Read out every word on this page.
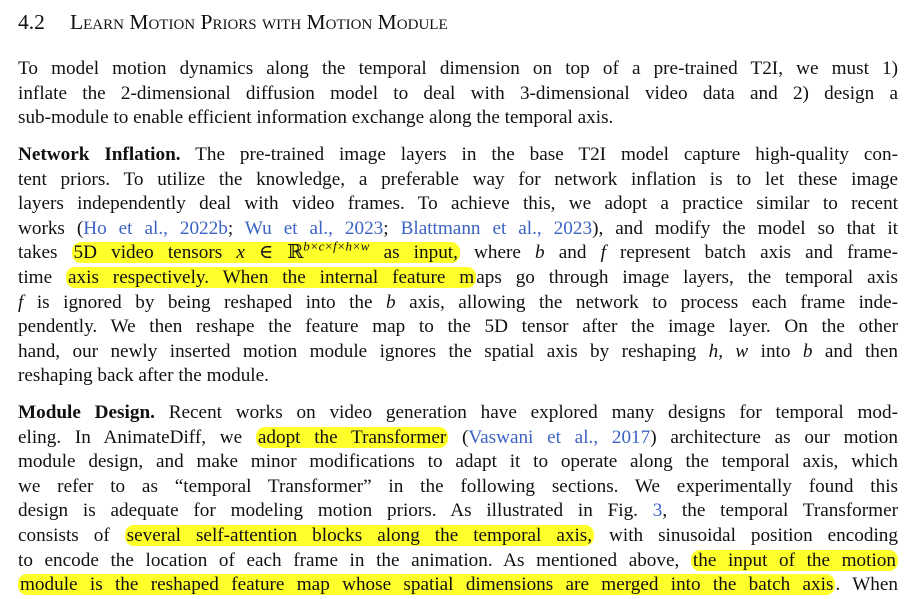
4.2 Learn Motion Priors with Motion Module
To model motion dynamics along the temporal dimension on top of a pre-trained T2I, we must 1)
inflate the 2-dimensional diffusion model to deal with 3-dimensional video data and 2) design a
sub-module to enable efficient information exchange along the temporal axis.
Network Inflation. The pre-trained image layers in the base T2I model capture high-quality con-
tent priors. To utilize the knowledge, a preferable way for network inflation is to let these image
layers independently deal with video frames. To achieve this, we adopt a practice similar to recent
works (Ho et al., 2022b; Wu et al., 2023; Blattmann et al., 2023), and modify the model so that it
takes 5D video tensors x ∈ ℝ$^{b\times c\times f\times h\times w}$ as input, where b and f represent batch axis and frame-
time axis respectively. When the internal feature m aps go through image layers, the temporal axis
f is ignored by being reshaped into the b axis, allowing the network to process each frame inde-
pendently. We then reshape the feature map to the 5D tensor after the image layer. On the other
hand, our newly inserted motion module ignores the spatial axis by reshaping h, w into b and then
reshaping back after the module.
Module Design. Recent works on video generation have explored many designs for temporal mod-
eling. In AnimateDiff, we adopt the Transformer (Vaswani et al., 2017) architecture as our motion
module design, and make minor modifications to adapt it to operate along the temporal axis, which
we refer to as “temporal Transformer” in the following sections. We experimentally found this
design is adequate for modeling motion priors. As illustrated in Fig. 3, the temporal Transformer
consists of several self-attention blocks along the temporal axis, with sinusoidal position encoding
to encode the location of each frame in the animation. As mentioned above, the input of the motion
module is the reshaped feature map whose spatial dimensions are merged into the batch axis . When
